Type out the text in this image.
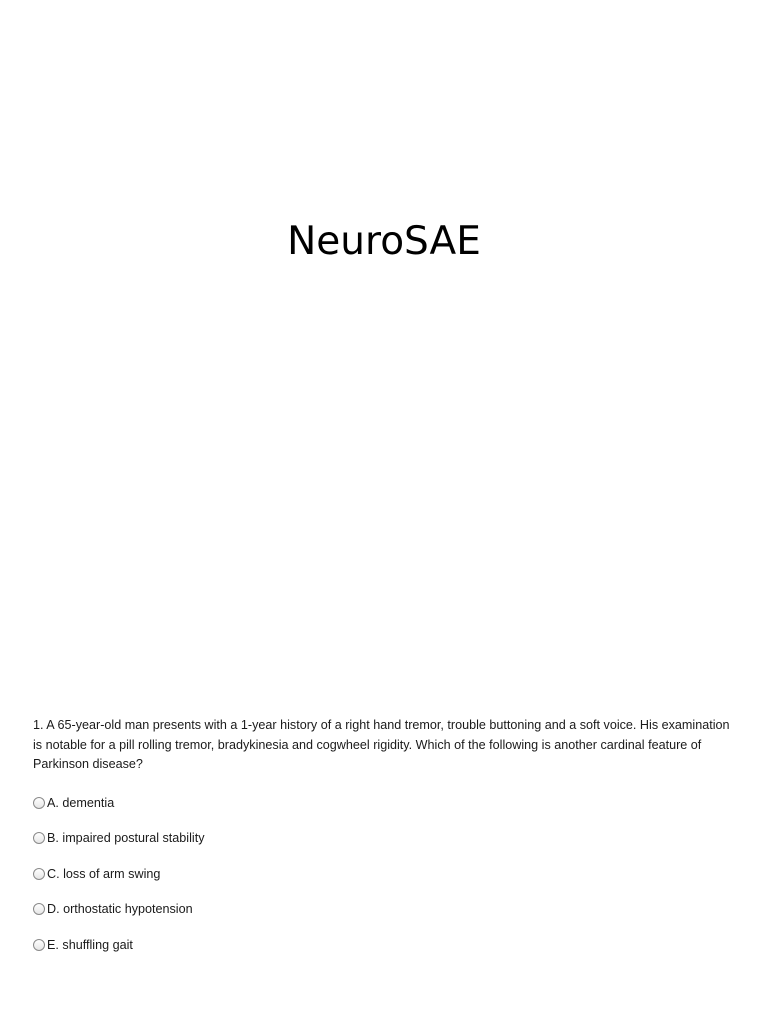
NeuroSAE

1. A 65-year-old man presents with a 1-year history of a right hand tremor, trouble buttoning and a soft voice. His examination is notable for a pill rolling tremor, bradykinesia and cogwheel rigidity. Which of the following is another cardinal feature of Parkinson disease?

A. dementia
B. impaired postural stability
C. loss of arm swing
D. orthostatic hypotension
E. shuffling gait
